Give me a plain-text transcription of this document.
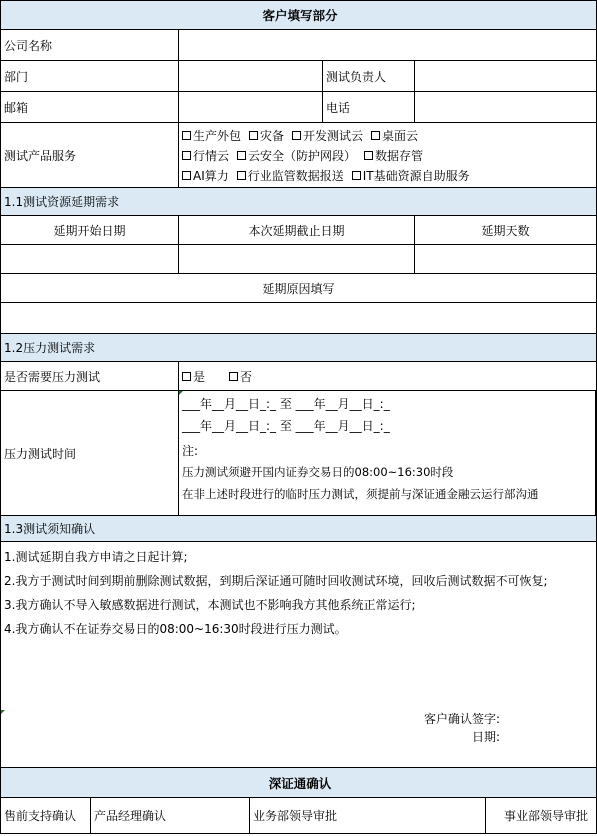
客户填写部分
公司名称
部门	测试负责人
邮箱	电话
测试产品服务
生产外包 灾备 开发测试云 桌面云
行情云 云安全（防护网段） 数据存管
AI算力 行业监管数据报送 IT基础资源自助服务
1.1测试资源延期需求
延期开始日期	本次延期截止日期	延期天数
延期原因填写
1.2压力测试需求
是否需要压力测试	是	否
压力测试时间
___年__月__日_:_ 至 ___年__月__日_:_
___年__月__日_:_ 至 ___年__月__日_:_
注:
压力测试须避开国内证券交易日的08:00~16:30时段
在非上述时段进行的临时压力测试，须提前与深证通金融云运行部沟通
1.3测试须知确认
1.测试延期自我方申请之日起计算;
2.我方于测试时间到期前删除测试数据，到期后深证通可随时回收测试环境，回收后测试数据不可恢复;
3.我方确认不导入敏感数据进行测试，本测试也不影响我方其他系统正常运行;
4.我方确认不在证券交易日的08:00~16:30时段进行压力测试。
客户确认签字:
日期:
深证通确认
售前支持确认	产品经理确认	业务部领导审批	事业部领导审批
